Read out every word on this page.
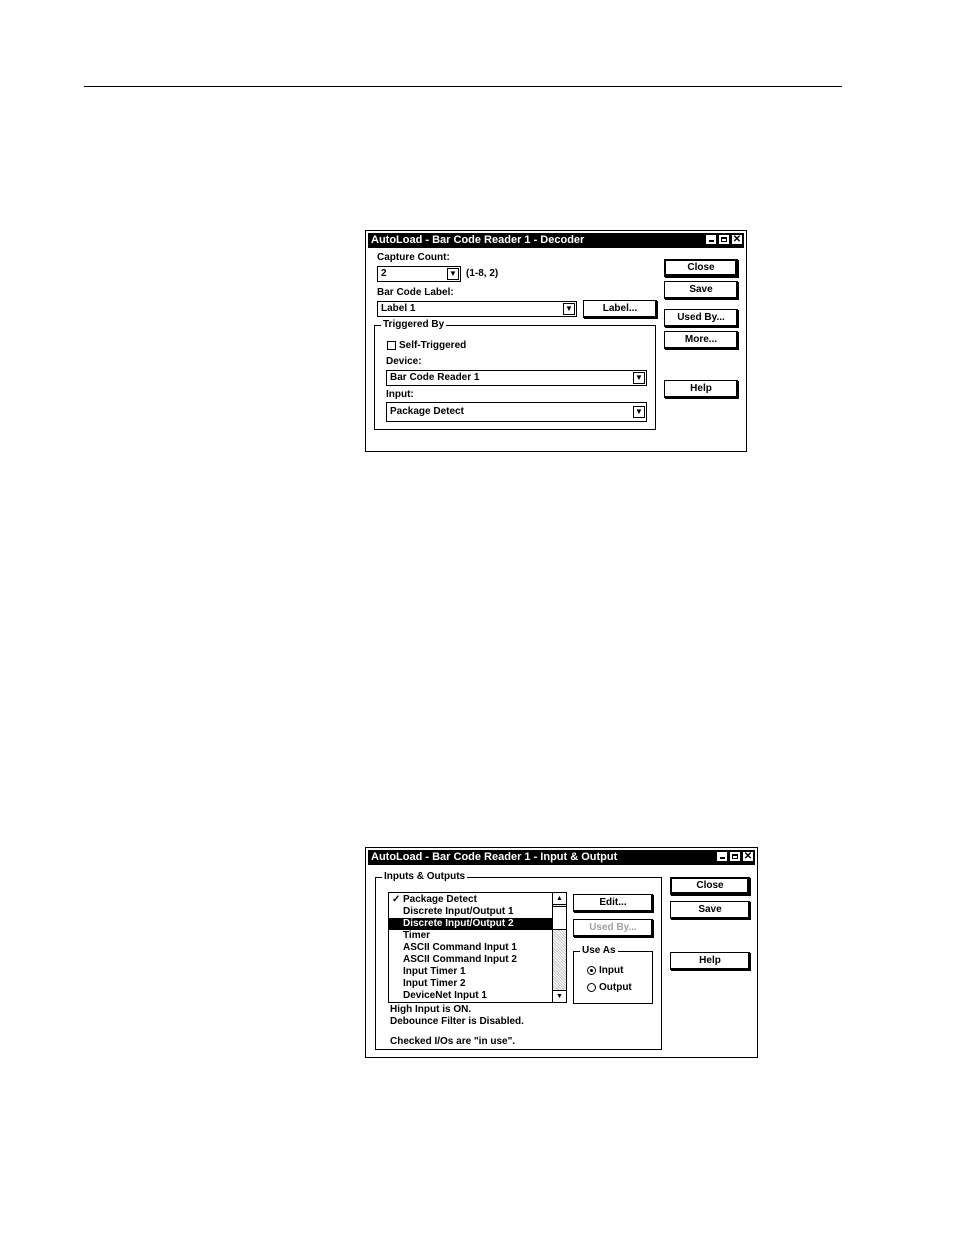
AutoLoad - Bar Code Reader 1 - Decoder	✕
Capture Count:
2	▼ (1-8, 2)
Bar Code Label:
Label 1	▼	Label...
Triggered By
Self-Triggered
Device:
Bar Code Reader 1	▼
Input:
Package Detect	▼
Close
Save
Used By...
More...
Help
AutoLoad - Bar Code Reader 1 - Input & Output	✕
Inputs & Outputs
✓ Package Detect
Discrete Input/Output 1
Discrete Input/Output 2
Timer
ASCII Command Input 1
ASCII Command Input 2
Input Timer 1
Input Timer 2
DeviceNet Input 1
▲
▼
High Input is ON.
Debounce Filter is Disabled.
Checked I/Os are "in use".
Edit...
Used By...
Use As
Input
Output
Close
Save
Help
